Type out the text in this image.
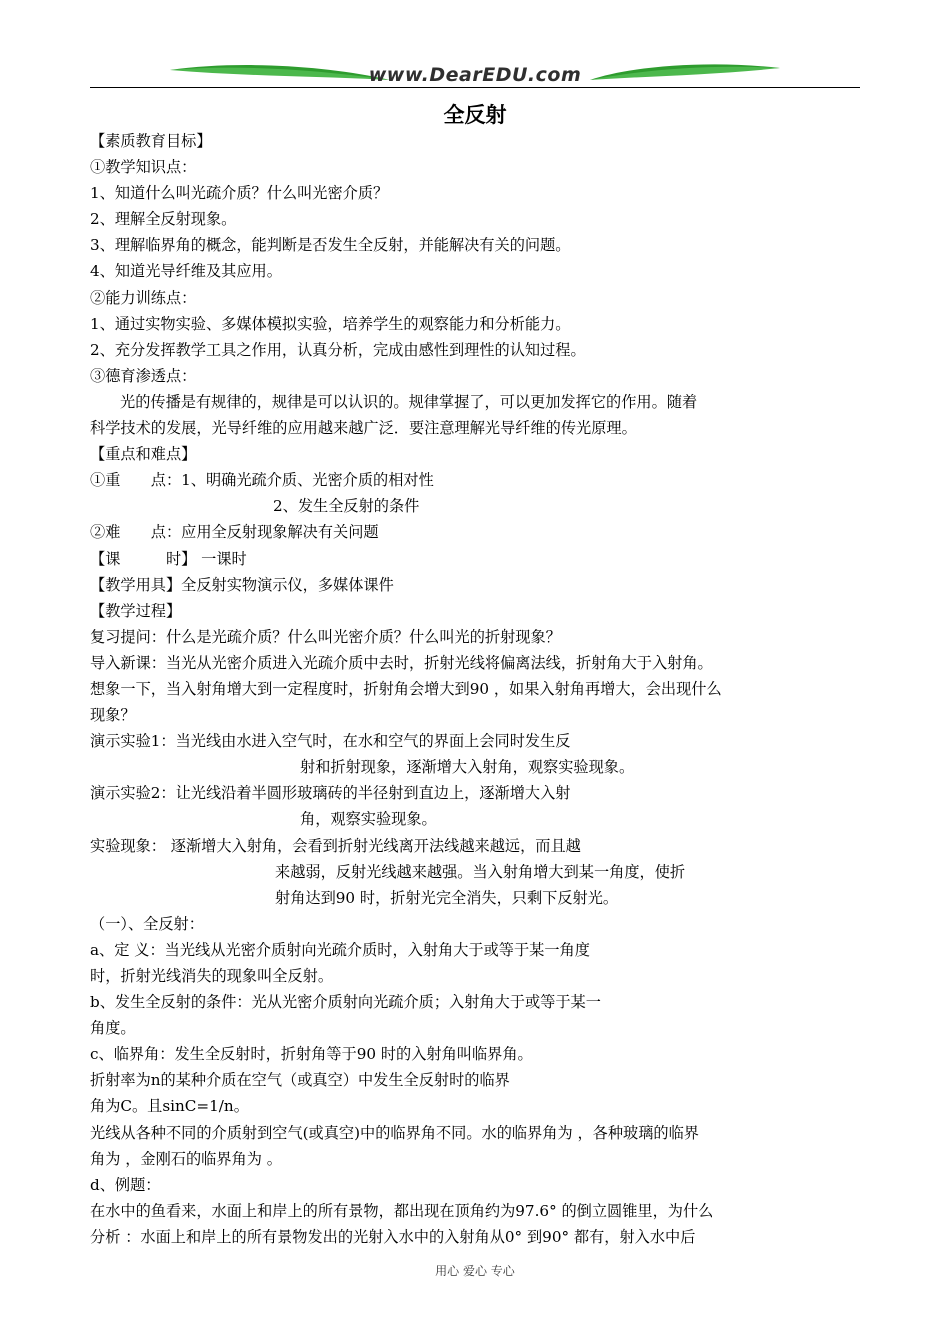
www.DearEDU.com
全反射
【素质教育目标】
①教学知识点：
1、知道什么叫光疏介质？什么叫光密介质？
2、理解全反射现象。
3、理解临界角的概念，能判断是否发生全反射，并能解决有关的问题。
4、知道光导纤维及其应用。
②能力训练点：
1、通过实物实验、多媒体模拟实验，培养学生的观察能力和分析能力。
2、充分发挥教学工具之作用，认真分析，完成由感性到理性的认知过程。
③德育渗透点：
光的传播是有规律的，规律是可以认识的。规律掌握了，可以更加发挥它的作用。随着
科学技术的发展，光导纤维的应用越来越广泛．要注意理解光导纤维的传光原理。
【重点和难点】
①重　　点：1、明确光疏介质、光密介质的相对性
2、发生全反射的条件
②难　　点：应用全反射现象解决有关问题
【课　　　时】 一课时
【教学用具】全反射实物演示仪，多媒体课件
【教学过程】
复习提问：什么是光疏介质？什么叫光密介质？什么叫光的折射现象？
导入新课：当光从光密介质进入光疏介质中去时，折射光线将偏离法线，折射角大于入射角。
想象一下，当入射角增大到一定程度时，折射角会增大到90 ，如果入射角再增大，会出现什么
现象？
演示实验1：当光线由水进入空气时，在水和空气的界面上会同时发生反
射和折射现象，逐渐增大入射角，观察实验现象。
演示实验2：让光线沿着半圆形玻璃砖的半径射到直边上，逐渐增大入射
角，观察实验现象。
实验现象： 逐渐增大入射角，会看到折射光线离开法线越来越远，而且越
来越弱，反射光线越来越强。当入射角增大到某一角度，使折
射角达到90 时，折射光完全消失，只剩下反射光。
（一）、全反射：
a、定 义：当光线从光密介质射向光疏介质时，入射角大于或等于某一角度
时，折射光线消失的现象叫全反射。
b、发生全反射的条件：光从光密介质射向光疏介质；入射角大于或等于某一
角度。
c、临界角：发生全反射时，折射角等于90 时的入射角叫临界角。
折射率为n的某种介质在空气（或真空）中发生全反射时的临界
角为C。且sinC=1/n。
光线从各种不同的介质射到空气(或真空)中的临界角不同。水的临界角为 ，各种玻璃的临界
角为 ，金刚石的临界角为 。
d、例题：
在水中的鱼看来，水面上和岸上的所有景物，都出现在顶角约为97.6° 的倒立圆锥里，为什么
分析 ：水面上和岸上的所有景物发出的光射入水中的入射角从0° 到90° 都有，射入水中后
用心 爱心 专心
